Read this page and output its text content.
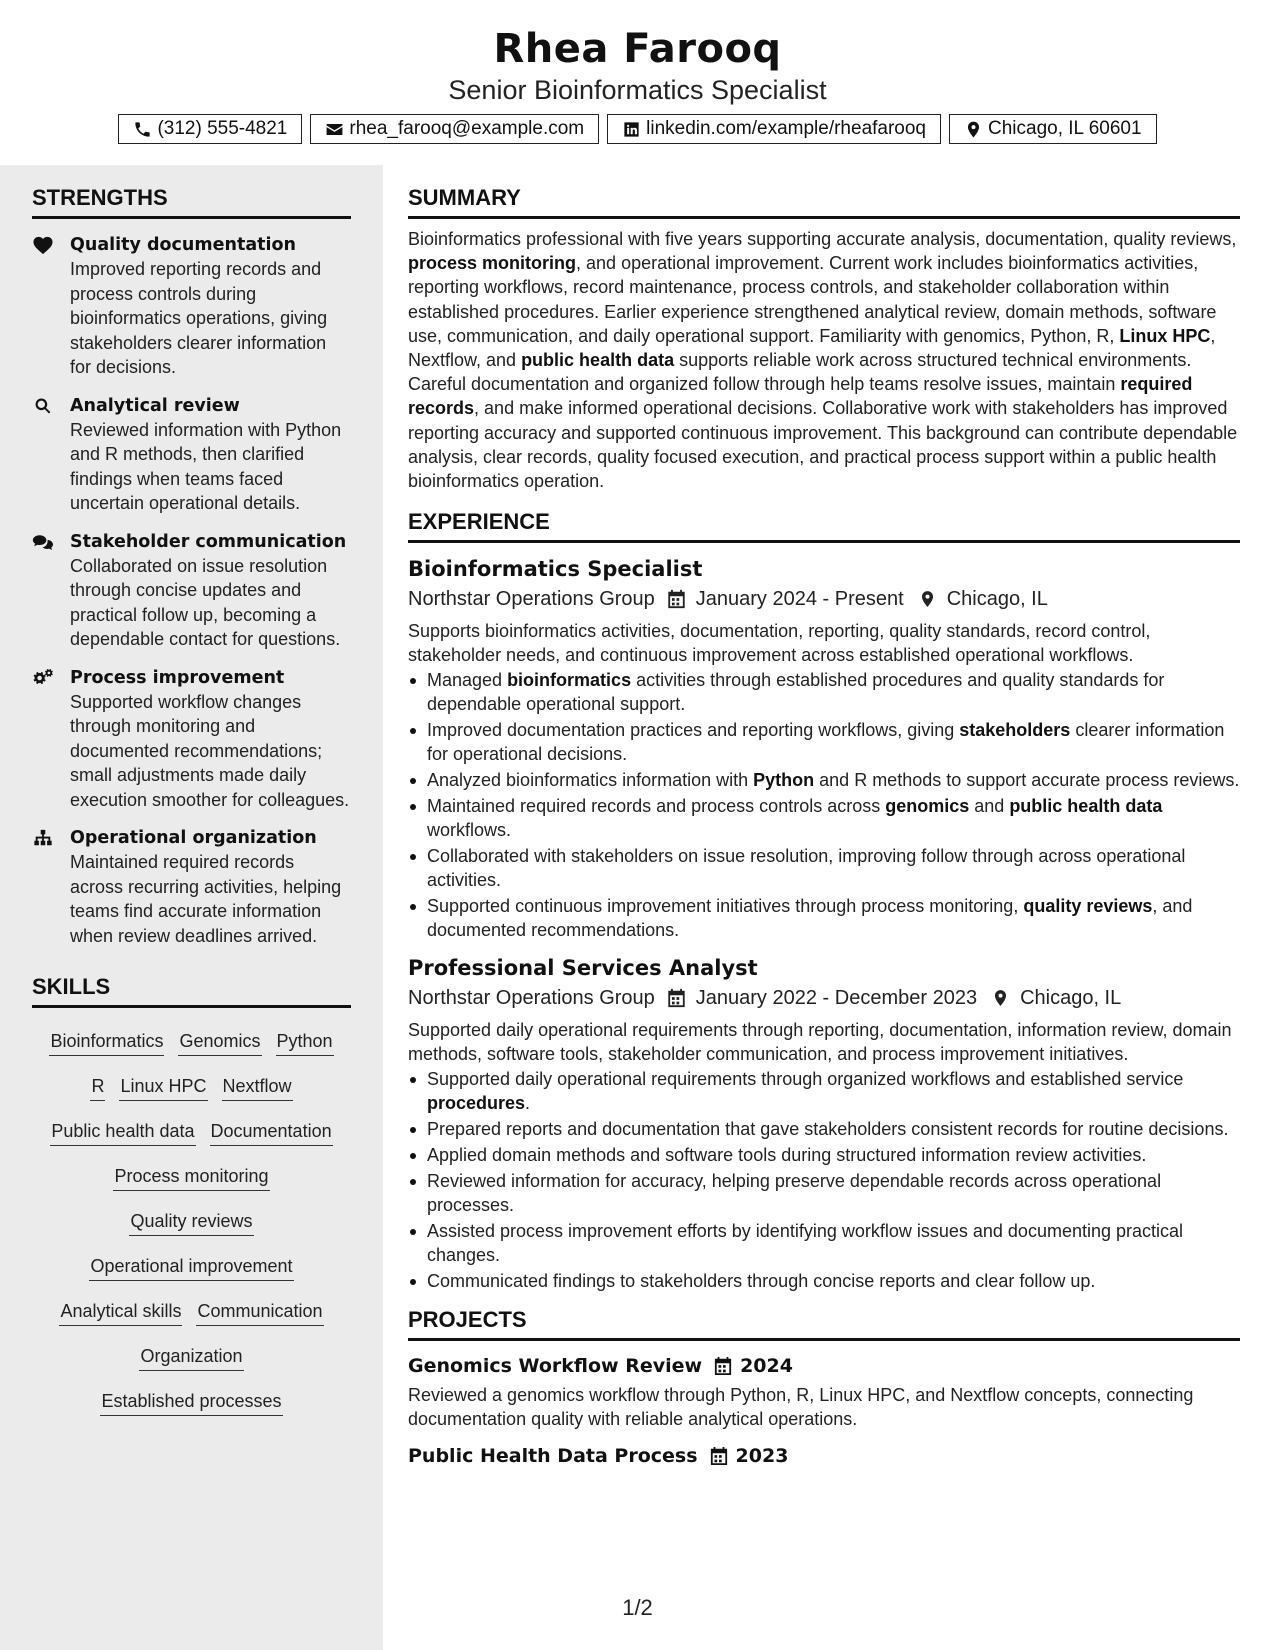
Rhea Farooq
Senior Bioinformatics Specialist
(312) 555-4821	rhea_farooq@example.com	linkedin.com/example/rheafarooq	Chicago, IL 60601
STRENGTHS
Quality documentation
Improved reporting records and process controls during bioinformatics operations, giving stakeholders clearer information for decisions.
Analytical review
Reviewed information with Python and R methods, then clarified findings when teams faced uncertain operational details.
Stakeholder communication
Collaborated on issue resolution through concise updates and practical follow up, becoming a dependable contact for questions.
Process improvement
Supported workflow changes through monitoring and documented recommendations; small adjustments made daily execution smoother for colleagues.
Operational organization
Maintained required records across recurring activities, helping teams find accurate information when review deadlines arrived.
SKILLS
Bioinformatics Genomics Python
R Linux HPC Nextflow
Public health data Documentation
Process monitoring
Quality reviews
Operational improvement
Analytical skills Communication
Organization
Established processes
SUMMARY
Bioinformatics professional with five years supporting accurate analysis, documentation, quality reviews, process monitoring, and operational improvement. Current work includes bioinformatics activities, reporting workflows, record maintenance, process controls, and stakeholder collaboration within established procedures. Earlier experience strengthened analytical review, domain methods, software use, communication, and daily operational support. Familiarity with genomics, Python, R, Linux HPC, Nextflow, and public health data supports reliable work across structured technical environments. Careful documentation and organized follow through help teams resolve issues, maintain required records, and make informed operational decisions. Collaborative work with stakeholders has improved reporting accuracy and supported continuous improvement. This background can contribute dependable analysis, clear records, quality focused execution, and practical process support within a public health bioinformatics operation.
EXPERIENCE
Bioinformatics Specialist
Northstar Operations Group January 2024 - Present Chicago, IL
Supports bioinformatics activities, documentation, reporting, quality standards, record control, stakeholder needs, and continuous improvement across established operational workflows.
Managed bioinformatics activities through established procedures and quality standards for dependable operational support.
Improved documentation practices and reporting workflows, giving stakeholders clearer information for operational decisions.
Analyzed bioinformatics information with Python and R methods to support accurate process reviews.
Maintained required records and process controls across genomics and public health data workflows.
Collaborated with stakeholders on issue resolution, improving follow through across operational activities.
Supported continuous improvement initiatives through process monitoring, quality reviews, and documented recommendations.
Professional Services Analyst
Northstar Operations Group January 2022 - December 2023 Chicago, IL
Supported daily operational requirements through reporting, documentation, information review, domain methods, software tools, stakeholder communication, and process improvement initiatives.
Supported daily operational requirements through organized workflows and established service procedures.
Prepared reports and documentation that gave stakeholders consistent records for routine decisions.
Applied domain methods and software tools during structured information review activities.
Reviewed information for accuracy, helping preserve dependable records across operational processes.
Assisted process improvement efforts by identifying workflow issues and documenting practical changes.
Communicated findings to stakeholders through concise reports and clear follow up.
PROJECTS
Genomics Workflow Review 2024
Reviewed a genomics workflow through Python, R, Linux HPC, and Nextflow concepts, connecting documentation quality with reliable analytical operations.
Public Health Data Process 2023
1/2
